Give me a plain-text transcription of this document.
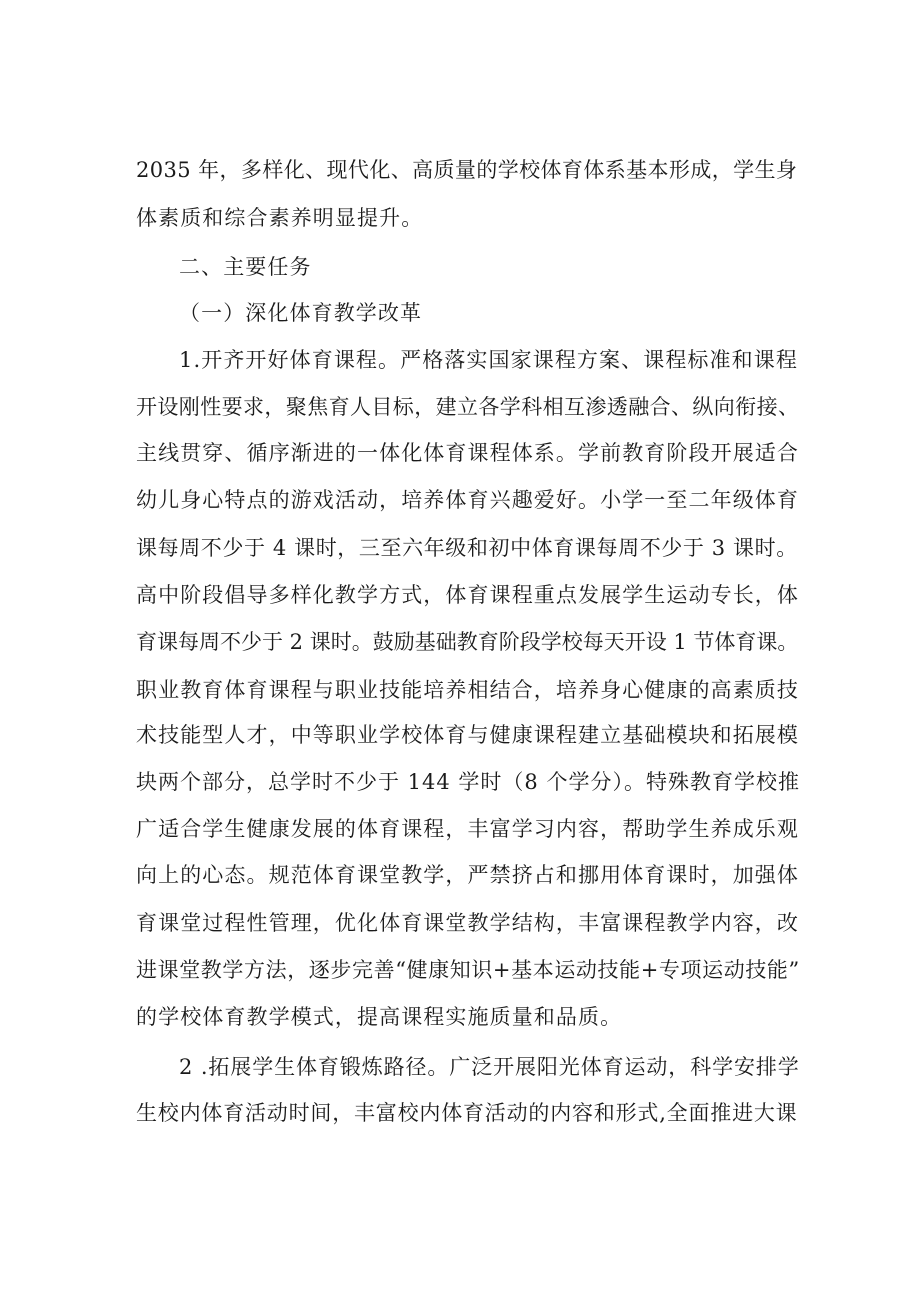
2035 年，多样化、现代化、高质量的学校体育体系基本形成，学生身
体素质和综合素养明显提升。
二、主要任务
（一）深化体育教学改革
1.开齐开好体育课程。严格落实国家课程方案、课程标准和课程
开设刚性要求，聚焦育人目标，建立各学科相互渗透融合、纵向衔接、
主线贯穿、循序渐进的一体化体育课程体系。学前教育阶段开展适合
幼儿身心特点的游戏活动，培养体育兴趣爱好。小学一至二年级体育
课每周不少于 4 课时，三至六年级和初中体育课每周不少于 3 课时。
高中阶段倡导多样化教学方式，体育课程重点发展学生运动专长，体
育课每周不少于 2 课时。鼓励基础教育阶段学校每天开设 1 节体育课。
职业教育体育课程与职业技能培养相结合，培养身心健康的高素质技
术技能型人才，中等职业学校体育与健康课程建立基础模块和拓展模
块两个部分，总学时不少于 144 学时（8 个学分）。特殊教育学校推
广适合学生健康发展的体育课程，丰富学习内容，帮助学生养成乐观
向上的心态。规范体育课堂教学，严禁挤占和挪用体育课时，加强体
育课堂过程性管理，优化体育课堂教学结构，丰富课程教学内容，改
进课堂教学方法，逐步完善“健康知识+基本运动技能+专项运动技能”
的学校体育教学模式，提高课程实施质量和品质。
2 .拓展学生体育锻炼路径。广泛开展阳光体育运动，科学安排学
生校内体育活动时间，丰富校内体育活动的内容和形式,全面推进大课
